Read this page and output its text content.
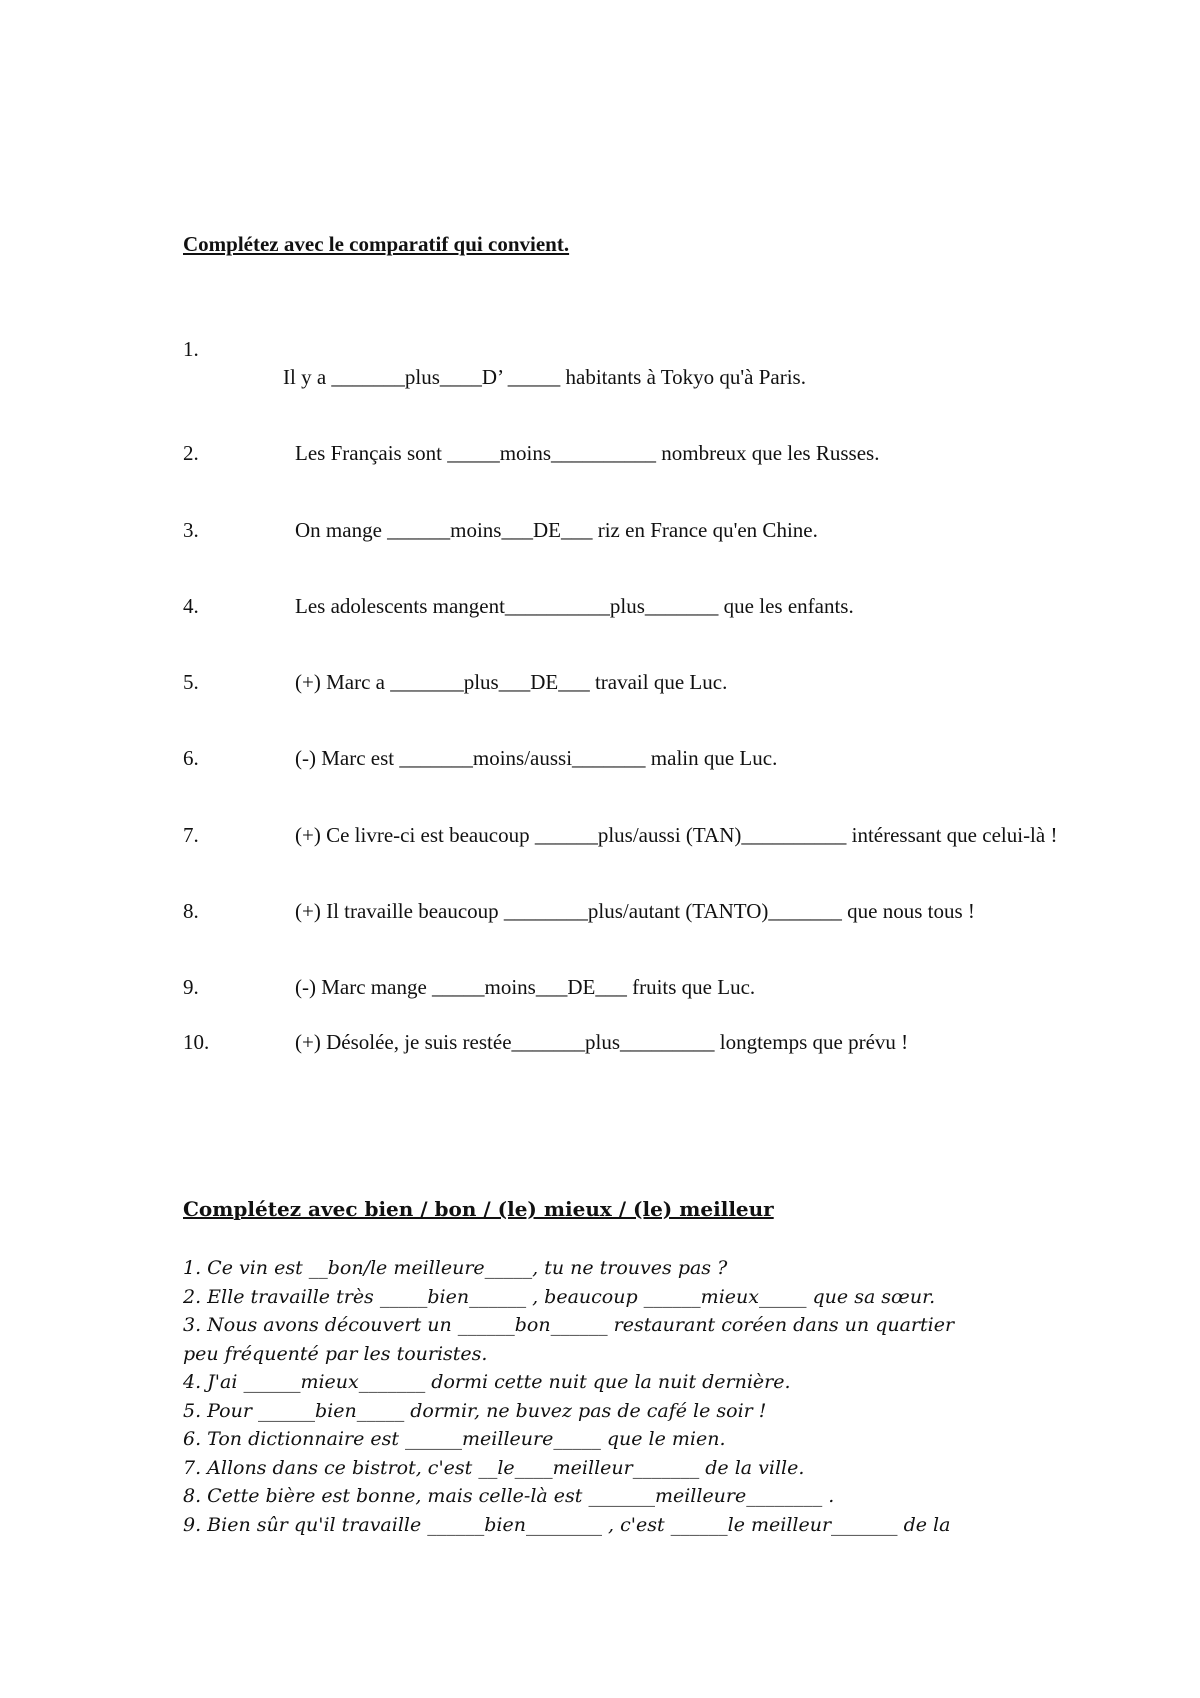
Complétez avec le comparatif qui convient.
1.
Il y a _______plus____D’ _____ habitants à Tokyo qu'à Paris.
2.	Les Français sont _____moins__________ nombreux que les Russes.
3.	On mange ______moins___DE___ riz en France qu'en Chine.
4.	Les adolescents mangent__________plus_______ que les enfants.
5.	(+) Marc a _______plus___DE___ travail que Luc.
6.	(-) Marc est _______moins/aussi_______ malin que Luc.
7.	(+) Ce livre-ci est beaucoup ______plus/aussi (TAN)__________ intéressant que celui-là !
8.	(+) Il travaille beaucoup ________plus/autant (TANTO)_______ que nous tous !
9.	(-) Marc mange _____moins___DE___ fruits que Luc.
10.	(+) Désolée, je suis restée_______plus_________ longtemps que prévu !
Complétez avec bien / bon / (le) mieux / (le) meilleur
1. Ce vin est __bon/le meilleure_____, tu ne trouves pas ?
2. Elle travaille très _____bien______ , beaucoup ______mieux_____ que sa sœur.
3. Nous avons découvert un ______bon______ restaurant coréen dans un quartier
peu fréquenté par les touristes.
4. J'ai ______mieux_______ dormi cette nuit que la nuit dernière.
5. Pour ______bien_____ dormir, ne buvez pas de café le soir !
6. Ton dictionnaire est ______meilleure_____ que le mien.
7. Allons dans ce bistrot, c'est __le____meilleur_______ de la ville.
8. Cette bière est bonne, mais celle-là est _______meilleure________ .
9. Bien sûr qu'il travaille ______bien________ , c'est ______le meilleur_______ de la
